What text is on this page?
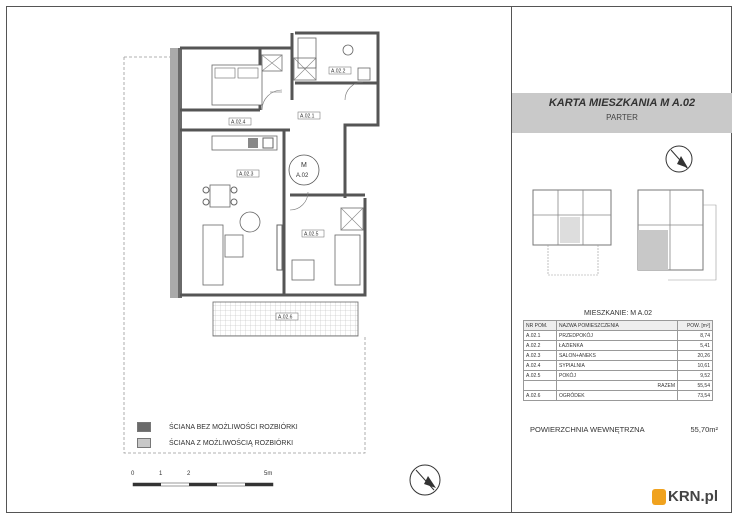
A.02.4
A.02.2
A.02.1
A.02.3
A.02.5
A.02.6
M
A.02
KARTA MIESZKANIA M A.02
PARTER
MIESZKANIE: M A.02
NR POM.	NAZWA POMIESZCZENIA	POW. [m²]
A.02.1	PRZEDPOKÓJ	8,74
A.02.2	ŁAZIENKA	5,41
A.02.3	SALON+ANEKS	20,26
A.02.4	SYPIALNIA	10,61
A.02.5	POKÓJ	9,52
	RAZEM	55,54
A.02.6	OGRÓDEK	73,54
POWIERZCHNIA WEWNĘTRZNA	55,70m²
ŚCIANA BEZ MOŻLIWOŚCI ROZBIÓRKI
ŚCIANA Z MOŻLIWOŚCIĄ ROZBIÓRKI
0	1	2	5m
KRN.pl
